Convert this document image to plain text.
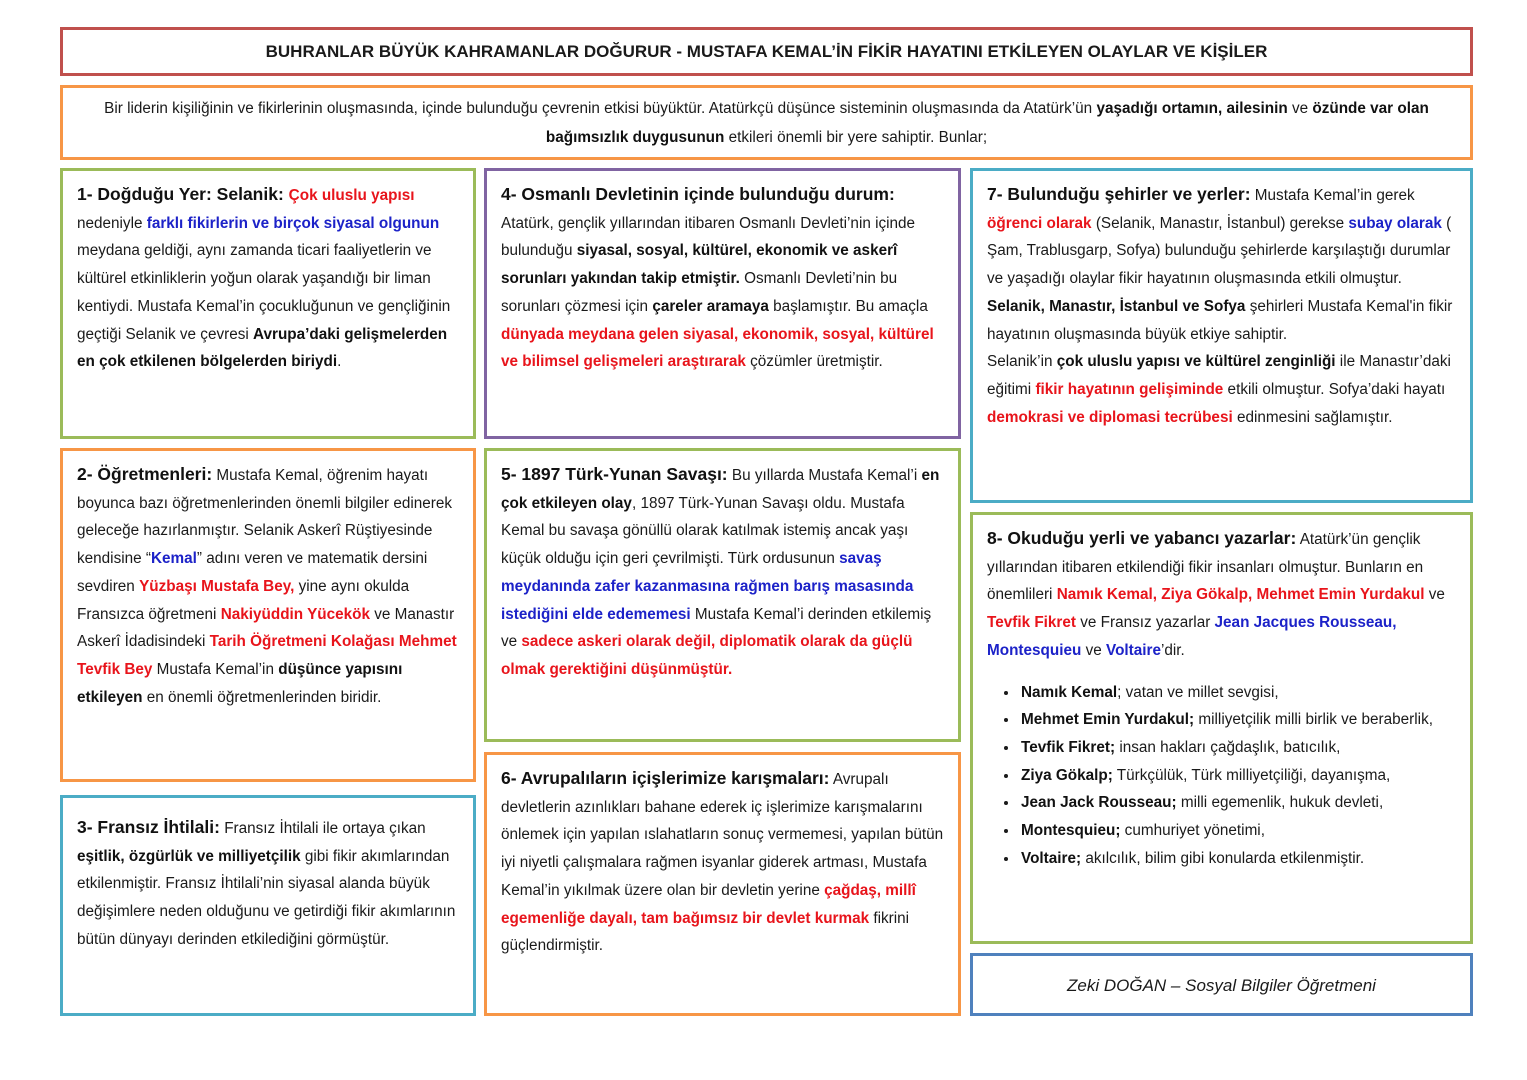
BUHRANLAR BÜYÜK KAHRAMANLAR DOĞURUR - MUSTAFA KEMAL’İN FİKİR HAYATINI ETKİLEYEN OLAYLAR VE KİŞİLER

Bir liderin kişiliğinin ve fikirlerinin oluşmasında, içinde bulunduğu çevrenin etkisi büyüktür. Atatürkçü düşünce sisteminin oluşmasında da Atatürk’ün yaşadığı ortamın, ailesinin ve özünde var olan bağımsızlık duygusunun etkileri önemli bir yere sahiptir. Bunlar;

1- Doğduğu Yer: Selanik: Çok uluslu yapısı nedeniyle farklı fikirlerin ve birçok siyasal olgunun meydana geldiği, aynı zamanda ticari faaliyetlerin ve kültürel etkinliklerin yoğun olarak yaşandığı bir liman kentiydi. Mustafa Kemal’in çocukluğunun ve gençliğinin geçtiği Selanik ve çevresi Avrupa’daki gelişmelerden en çok etkilenen bölgelerden biriydi.

2- Öğretmenleri: Mustafa Kemal, öğrenim hayatı boyunca bazı öğretmenlerinden önemli bilgiler edinerek geleceğe hazırlanmıştır. Selanik Askerî Rüştiyesinde kendisine “Kemal” adını veren ve matematik dersini sevdiren Yüzbaşı Mustafa Bey, yine aynı okulda Fransızca öğretmeni Nakiyüddin Yücekök ve Manastır Askerî İdadisindeki Tarih Öğretmeni Kolağası Mehmet Tevfik Bey Mustafa Kemal’in düşünce yapısını etkileyen en önemli öğretmenlerinden biridir.

3- Fransız İhtilali: Fransız İhtilali ile ortaya çıkan eşitlik, özgürlük ve milliyetçilik gibi fikir akımlarından etkilenmiştir. Fransız İhtilali’nin siyasal alanda büyük değişimlere neden olduğunu ve getirdiği fikir akımlarının bütün dünyayı derinden etkilediğini görmüştür.

4- Osmanlı Devletinin içinde bulunduğu durum: Atatürk, gençlik yıllarından itibaren Osmanlı Devleti’nin içinde bulunduğu siyasal, sosyal, kültürel, ekonomik ve askerî sorunları yakından takip etmiştir. Osmanlı Devleti’nin bu sorunları çözmesi için çareler aramaya başlamıştır. Bu amaçla dünyada meydana gelen siyasal, ekonomik, sosyal, kültürel ve bilimsel gelişmeleri araştırarak çözümler üretmiştir.

5- 1897 Türk-Yunan Savaşı: Bu yıllarda Mustafa Kemal’i en çok etkileyen olay, 1897 Türk-Yunan Savaşı oldu. Mustafa Kemal bu savaşa gönüllü olarak katılmak istemiş ancak yaşı küçük olduğu için geri çevrilmişti. Türk ordusunun savaş meydanında zafer kazanmasına rağmen barış masasında istediğini elde edememesi Mustafa Kemal’i derinden etkilemiş ve sadece askeri olarak değil, diplomatik olarak da güçlü olmak gerektiğini düşünmüştür.

6- Avrupalıların içişlerimize karışmaları: Avrupalı devletlerin azınlıkları bahane ederek iç işlerimize karışmalarını önlemek için yapılan ıslahatların sonuç vermemesi, yapılan bütün iyi niyetli çalışmalara rağmen isyanlar giderek artması, Mustafa Kemal’in yıkılmak üzere olan bir devletin yerine çağdaş, millî egemenliğe dayalı, tam bağımsız bir devlet kurmak fikrini güçlendirmiştir.

7- Bulunduğu şehirler ve yerler: Mustafa Kemal’in gerek öğrenci olarak (Selanik, Manastır, İstanbul) gerekse subay olarak ( Şam, Trablusgarp, Sofya) bulunduğu şehirlerde karşılaştığı durumlar ve yaşadığı olaylar fikir hayatının oluşmasında etkili olmuştur. Selanik, Manastır, İstanbul ve Sofya şehirleri Mustafa Kemal'in fikir hayatının oluşmasında büyük etkiye sahiptir.

Selanik’in çok uluslu yapısı ve kültürel zenginliği ile Manastır’daki eğitimi fikir hayatının gelişiminde etkili olmuştur. Sofya’daki hayatı demokrasi ve diplomasi tecrübesi edinmesini sağlamıştır.

8- Okuduğu yerli ve yabancı yazarlar: Atatürk’ün gençlik yıllarından itibaren etkilendiği fikir insanları olmuştur. Bunların en önemlileri Namık Kemal, Ziya Gökalp, Mehmet Emin Yurdakul ve Tevfik Fikret ve Fransız yazarlar Jean Jacques Rousseau, Montesquieu ve Voltaire’dir.

• Namık Kemal; vatan ve millet sevgisi,
• Mehmet Emin Yurdakul; milliyetçilik milli birlik ve beraberlik,
• Tevfik Fikret; insan hakları çağdaşlık, batıcılık,
• Ziya Gökalp; Türkçülük, Türk milliyetçiliği, dayanışma,
• Jean Jack Rousseau; milli egemenlik, hukuk devleti,
• Montesquieu; cumhuriyet yönetimi,
• Voltaire; akılcılık, bilim gibi konularda etkilenmiştir.
Zeki DOĞAN – Sosyal Bilgiler Öğretmeni
